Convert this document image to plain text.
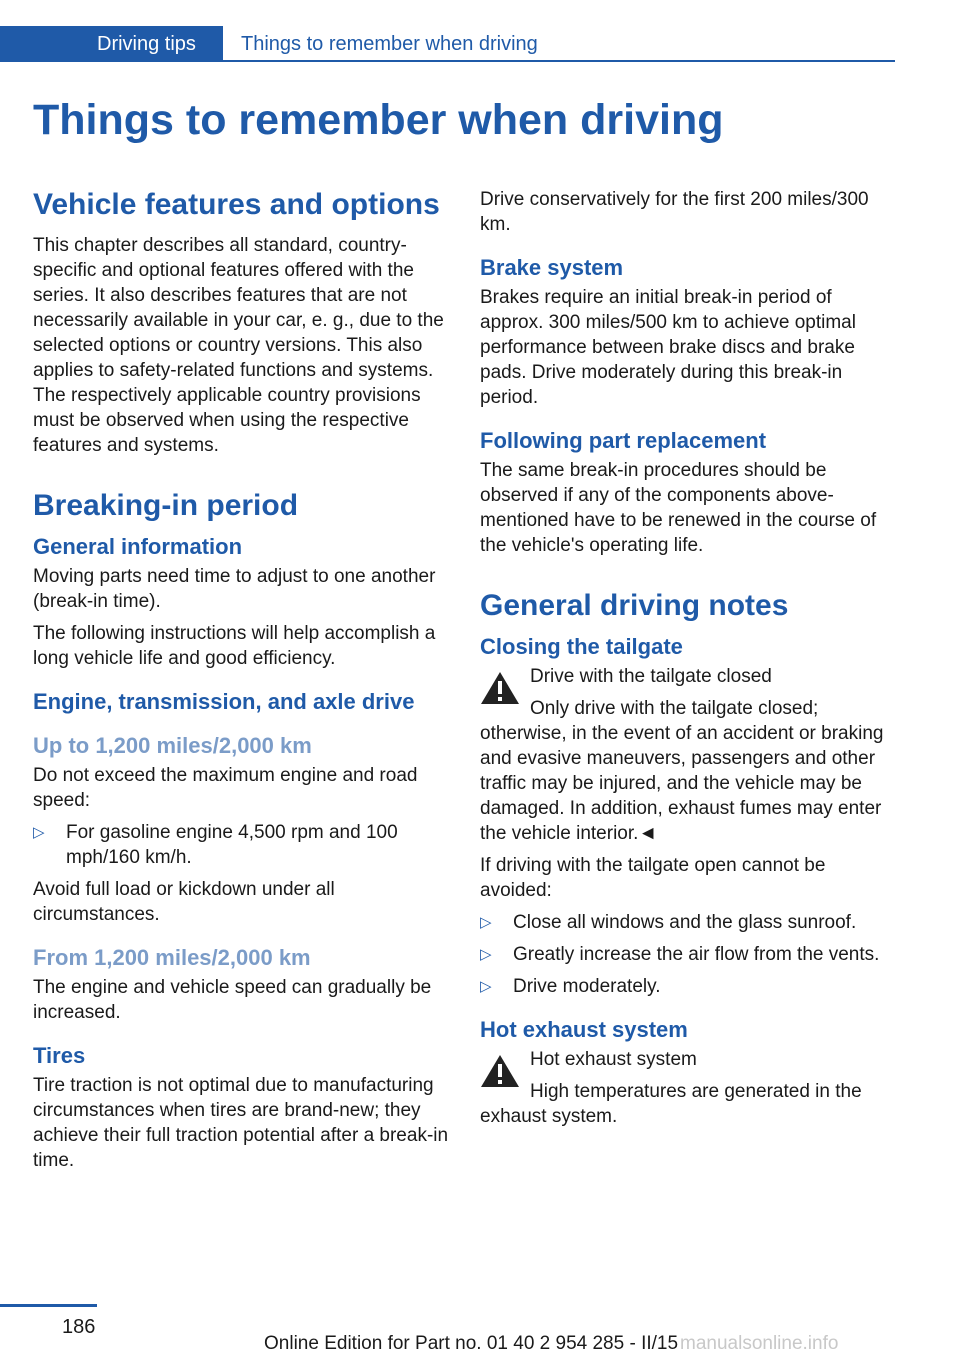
Driving tips Things to remember when driving
Things to remember when driving
Vehicle features and options

This chapter describes all standard, country-specific and optional features offered with the series. It also describes features that are not necessarily available in your car, e. g., due to the selected options or country versions. This also applies to safety-related functions and systems. The respectively applicable country provisions must be observed when using the respective features and systems.

Breaking-in period
General information

Moving parts need time to adjust to one another (break-in time).

The following instructions will help accomplish a long vehicle life and good efficiency.

Engine, transmission, and axle drive
Up to 1,200 miles/2,000 km

Do not exceed the maximum engine and road speed:

▷ For gasoline engine 4,500 rpm and 100 mph/160 km/h.

Avoid full load or kickdown under all circumstances.

From 1,200 miles/2,000 km

The engine and vehicle speed can gradually be increased.

Tires

Tire traction is not optimal due to manufacturing circumstances when tires are brand-new; they achieve their full traction potential after a break-in time.

Drive conservatively for the first 200 miles/300 km.

Brake system

Brakes require an initial break-in period of approx. 300 miles/500 km to achieve optimal performance between brake discs and brake pads. Drive moderately during this break-in period.

Following part replacement

The same break-in procedures should be observed if any of the components above-mentioned have to be renewed in the course of the vehicle's operating life.

General driving notes
Closing the tailgate

Drive with the tailgate closed

Only drive with the tailgate closed; otherwise, in the event of an accident or braking and evasive maneuvers, passengers and other traffic may be injured, and the vehicle may be damaged. In addition, exhaust fumes may enter the vehicle interior.◄

If driving with the tailgate open cannot be avoided:

▷ Close all windows and the glass sunroof.
▷ Greatly increase the air flow from the vents.
▷ Drive moderately.
Hot exhaust system

Hot exhaust system

High temperatures are generated in the exhaust system.

186
Online Edition for Part no. 01 40 2 954 285 - II/15 manualsonline.info
